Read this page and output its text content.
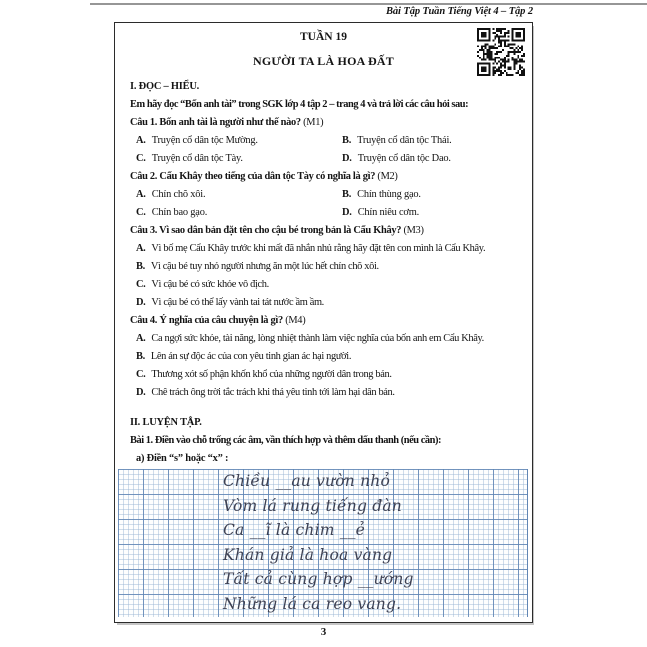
Bài Tập Tuần Tiếng Việt 4 – Tập 2
TUẦN 19
NGƯỜI TA LÀ HOA ĐẤT
I. ĐỌC – HIỂU.
Em hãy đọc “Bốn anh tài” trong SGK lớp 4 tập 2 – trang 4 và trả lời các câu hỏi sau:
Câu 1. Bốn anh tài là người như thế nào? (M1)
A. Truyện cổ dân tộc Mường.	B. Truyện cổ dân tộc Thái.
C. Truyện cổ dân tộc Tày.	D. Truyện cổ dân tộc Dao.
Câu 2. Cẩu Khây theo tiếng của dân tộc Tày có nghĩa là gì? (M2)
A. Chín chõ xôi.	B. Chín thùng gạo.
C. Chín bao gạo.	D. Chín niêu cơm.
Câu 3. Vì sao dân bản đặt tên cho cậu bé trong bản là Cẩu Khây? (M3)
A. Vì bố mẹ Cẩu Khây trước khi mất đã nhắn nhủ rằng hãy đặt tên con mình là Cẩu Khây.
B. Vì cậu bé tuy nhỏ người nhưng ăn một lúc hết chín chõ xôi.
C. Vì cậu bé có sức khỏe vô địch.
D. Vì cậu bé có thể lấy vành tai tát nước ầm ầm.
Câu 4. Ý nghĩa của câu chuyện là gì? (M4)
A. Ca ngợi sức khỏe, tài năng, lòng nhiệt thành làm việc nghĩa của bốn anh em Cẩu Khây.
B. Lên án sự độc ác của con yêu tinh gian ác hại người.
C. Thương xót số phận khốn khổ của những người dân trong bản.
D. Chê trách ông trời tắc trách khi thả yêu tinh tới làm hại dân bản.
II. LUYỆN TẬP.
Bài 1. Điền vào chỗ trống các âm, vần thích hợp và thêm dấu thanh (nếu cần):
a) Điền “s” hoặc “x” :
Chiều __au vườn nhỏ
Vòm lá rung tiếng đàn
Ca __ĩ là chim __ẻ
Khán giả là hoa vàng
Tất cả cùng hợp __ướng
Những lá ca reo vang.
3
